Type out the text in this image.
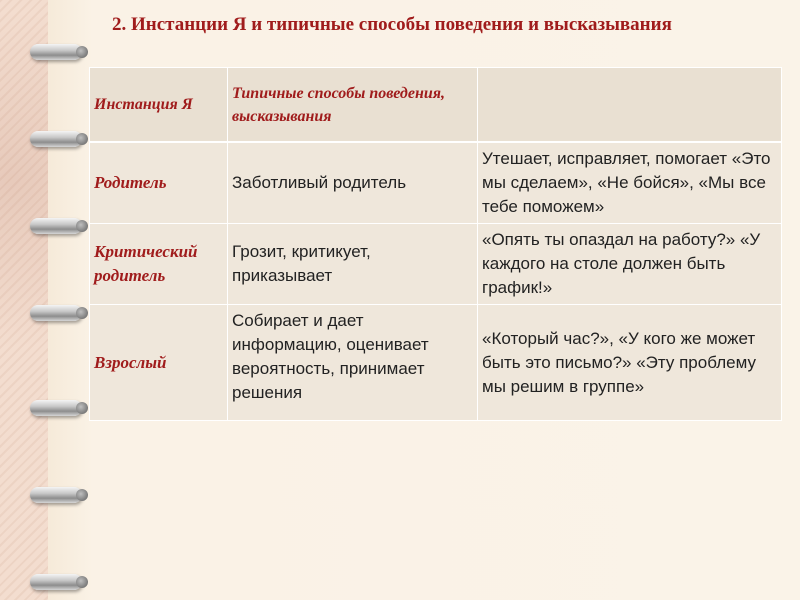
2. Инстанции Я и типичные способы поведения и высказывания
Инстанция Я	Типичные способы поведения, высказывания	
Родитель	Заботливый родитель	Утешает, исправляет, помогает «Это мы сделаем», «Не бойся», «Мы все тебе поможем»
Критический родитель	Грозит, критикует, приказывает	«Опять ты опаздал на работу?» «У каждого на столе должен быть график!»
Взрослый	Собирает и дает информацию, оценивает вероятность, принимает решения	«Который час?», «У кого же может быть это письмо?» «Эту проблему мы решим в группе»
